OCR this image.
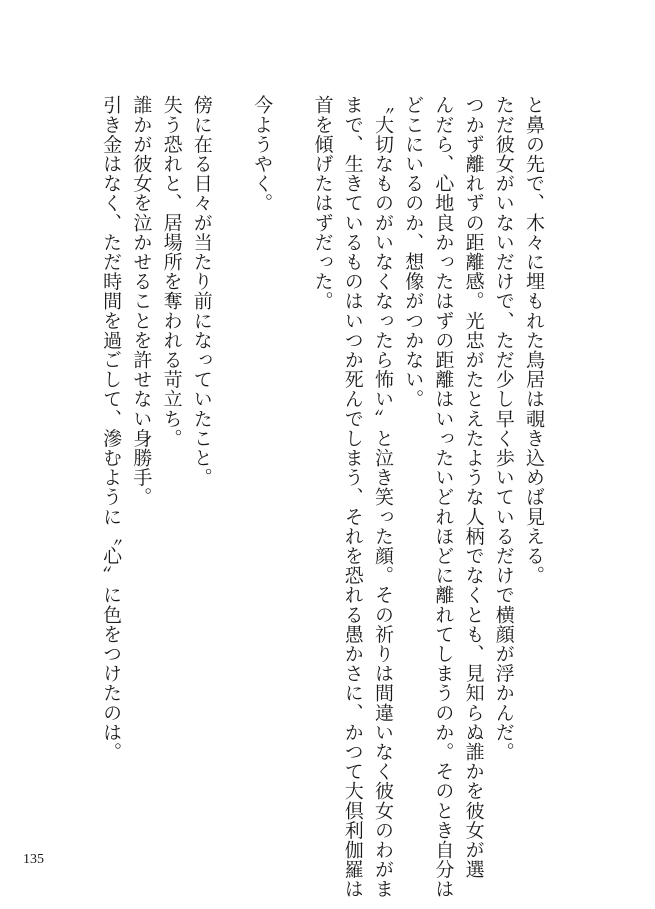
と鼻の先で、木々に埋もれた鳥居は覗き込めば見える。
ただ彼女がいないだけで、ただ少し早く歩いているだけで横顔が浮かんだ。
つかず離れずの距離感。光忠がたとえたような人柄でなくとも、見知らぬ誰かを彼女が選
んだら、心地良かったはずの距離はいったいどれほどに離れてしまうのか。そのとき自分は
どこにいるのか、想像がつかない。
〝大切なものがいなくなったら怖い〟と泣き笑った顔。その祈りは間違いなく彼女のわがま
まで、生きているものはいつか死んでしまう、それを恐れる愚かさに、かつて大倶利伽羅は
首を傾げたはずだった。

今ようやく。

傍に在る日々が当たり前になっていたこと。
失う恐れと、居場所を奪われる苛立ち。
誰かが彼女を泣かせることを許せない身勝手。
引き金はなく、ただ時間を過ごして、滲むように〝心〟に色をつけたのは。
135
